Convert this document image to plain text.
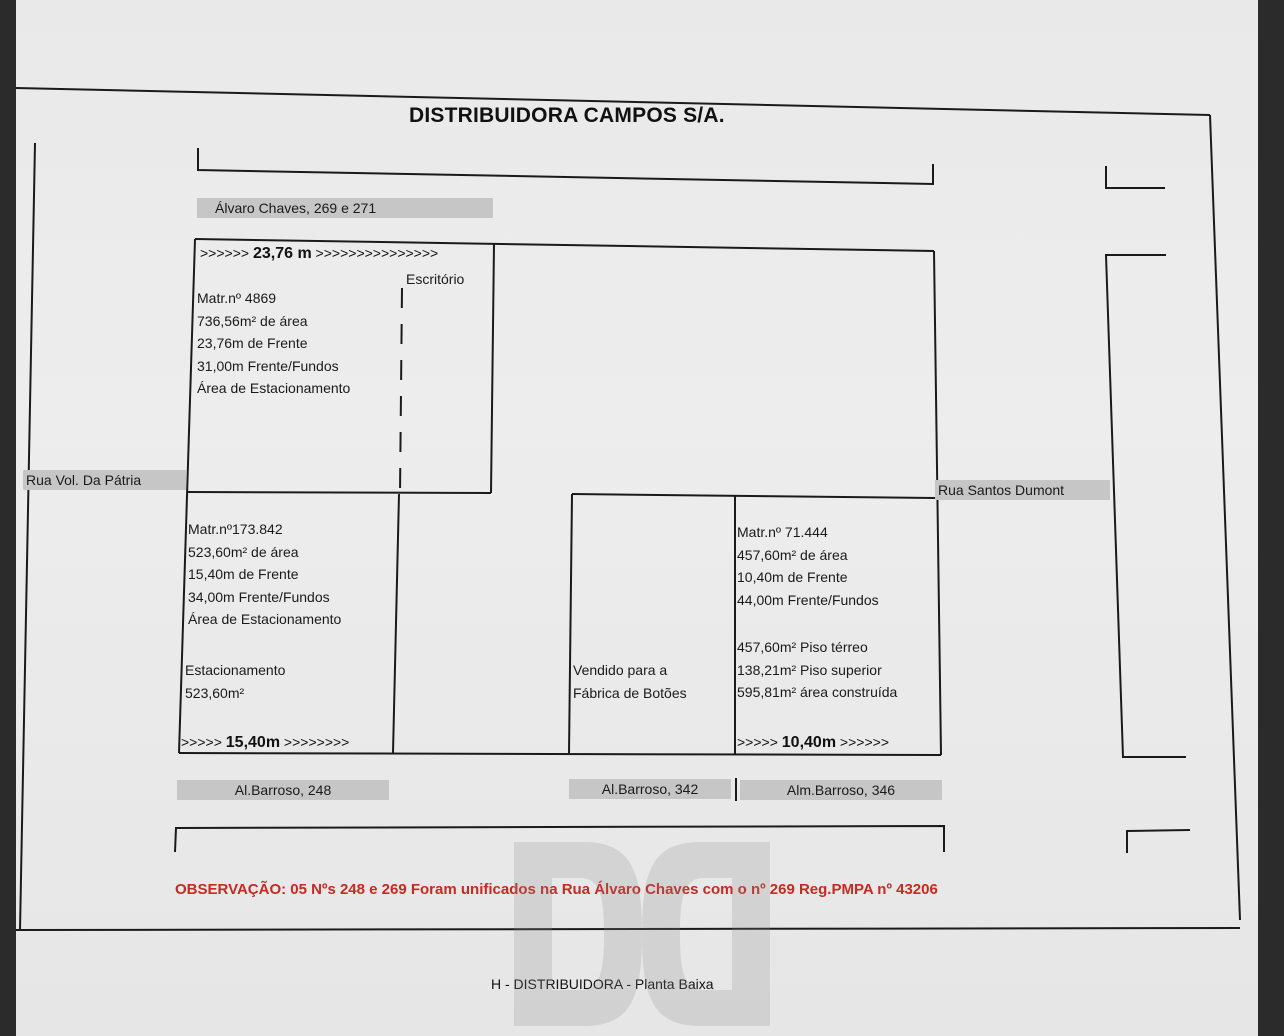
DISTRIBUIDORA CAMPOS S/A.
Álvaro Chaves, 269 e 271
Rua Vol. Da Pátria
Rua Santos Dumont
Al.Barroso, 248	Al.Barroso, 342	Alm.Barroso, 346
>>>>>> 23,76 m >>>>>>>>>>>>>>>
Escritório
Matr.nº 4869
736,56m² de área
23,76m de Frente
31,00m Frente/Fundos
Área de Estacionamento
Matr.nº173.842
523,60m² de área
15,40m de Frente
34,00m Frente/Fundos
Área de Estacionamento
Estacionamento
523,60m²
>>>>> 15,40m >>>>>>>>
Vendido para a
Fábrica de Botões
Matr.nº 71.444
457,60m² de área
10,40m de Frente
44,00m Frente/Fundos
457,60m² Piso térreo
138,21m² Piso superior
595,81m² área construída
>>>>> 10,40m >>>>>>
OBSERVAÇÃO: 05 Nºs 248 e 269 Foram unificados na Rua Álvaro Chaves com o nº 269 Reg.PMPA nº 43206
H - DISTRIBUIDORA - Planta Baixa
